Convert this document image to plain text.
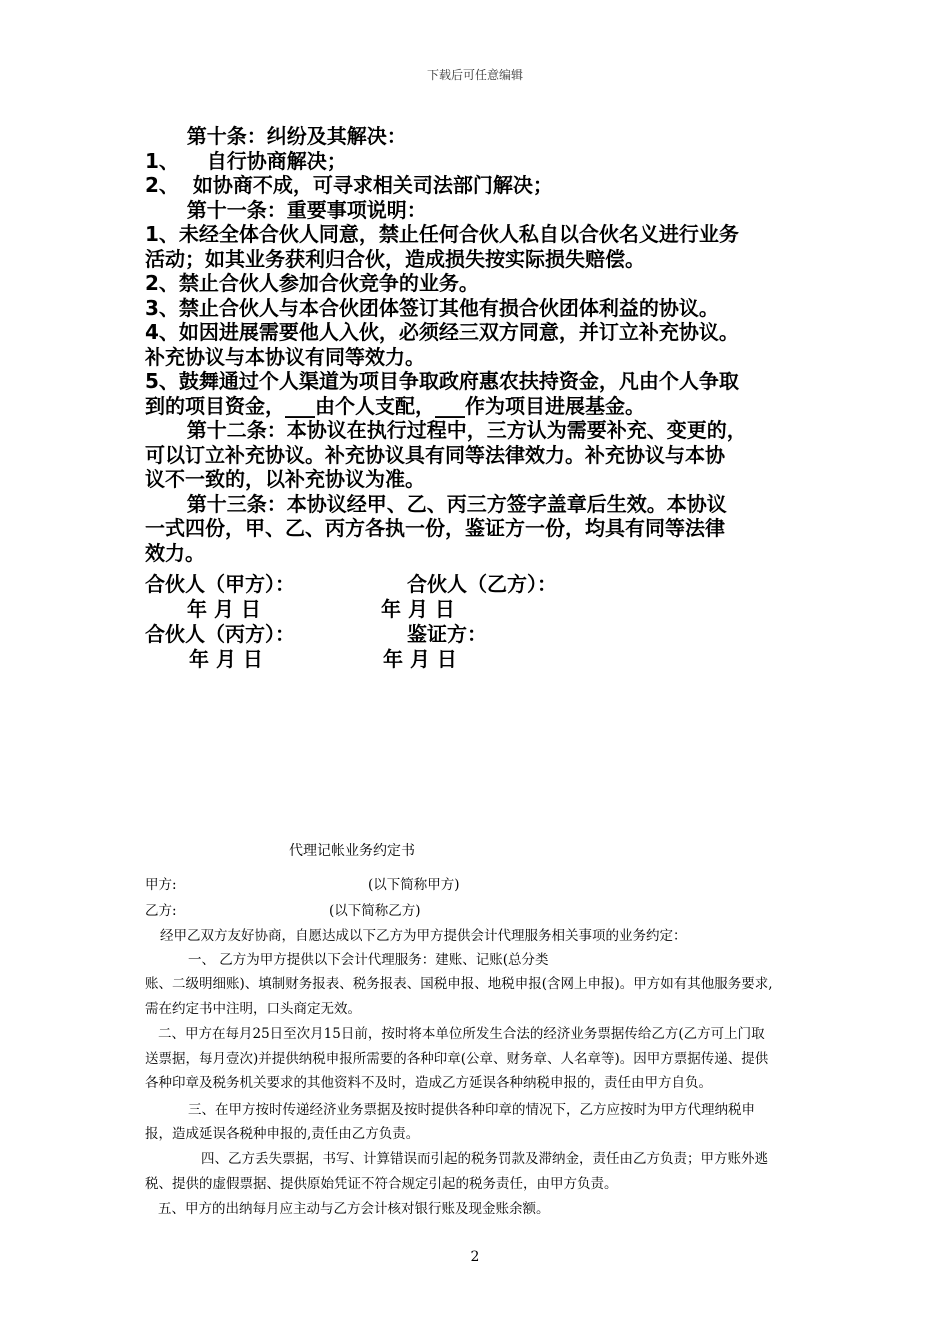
下载后可任意编辑
第十条：纠纷及其解决：
1、    自行协商解决；
2、  如协商不成，可寻求相关司法部门解决；
第十一条：重要事项说明：
1、未经全体合伙人同意，禁止任何合伙人私自以合伙名义进行业务
活动；如其业务获利归合伙，造成损失按实际损失赔偿。
2、禁止合伙人参加合伙竞争的业务。
3、禁止合伙人与本合伙团体签订其他有损合伙团体利益的协议。
4、如因进展需要他人入伙，必须经三双方同意，并订立补充协议。
补充协议与本协议有同等效力。
5、鼓舞通过个人渠道为项目争取政府惠农扶持资金，凡由个人争取
到的项目资金，___由个人支配，___作为项目进展基金。
第十二条：本协议在执行过程中，三方认为需要补充、变更的，
可以订立补充协议。补充协议具有同等法律效力。补充协议与本协
议不一致的，以补充协议为准。
第十三条：本协议经甲、乙、丙三方签字盖章后生效。本协议
一式四份，甲、乙、丙方各执一份，鉴证方一份，均具有同等法律
效力。
合伙人（甲方）：	合伙人（乙方）：
年 月 日	年 月 日
合伙人（丙方）：	鉴证方：
年 月 日	年 月 日
代理记帐业务约定书
甲方:	(以下简称甲方)
乙方:	(以下简称乙方)
经甲乙双方友好协商，自愿达成以下乙方为甲方提供会计代理服务相关事项的业务约定：
一、 乙方为甲方提供以下会计代理服务：建账、记账(总分类
账、二级明细账)、填制财务报表、税务报表、国税申报、地税申报(含网上申报)。甲方如有其他服务要求,
需在约定书中注明，口头商定无效。
二、甲方在每月25日至次月15日前，按时将本单位所发生合法的经济业务票据传给乙方(乙方可上门取
送票据，每月壹次)并提供纳税申报所需要的各种印章(公章、财务章、人名章等)。因甲方票据传递、提供
各种印章及税务机关要求的其他资料不及时，造成乙方延误各种纳税申报的，责任由甲方自负。
三、在甲方按时传递经济业务票据及按时提供各种印章的情况下，乙方应按时为甲方代理纳税申
报，造成延误各税种申报的,责任由乙方负责。
四、乙方丢失票据，书写、计算错误而引起的税务罚款及滞纳金，责任由乙方负责；甲方账外逃
税、提供的虚假票据、提供原始凭证不符合规定引起的税务责任，由甲方负责。
五、甲方的出纳每月应主动与乙方会计核对银行账及现金账余额。
2
